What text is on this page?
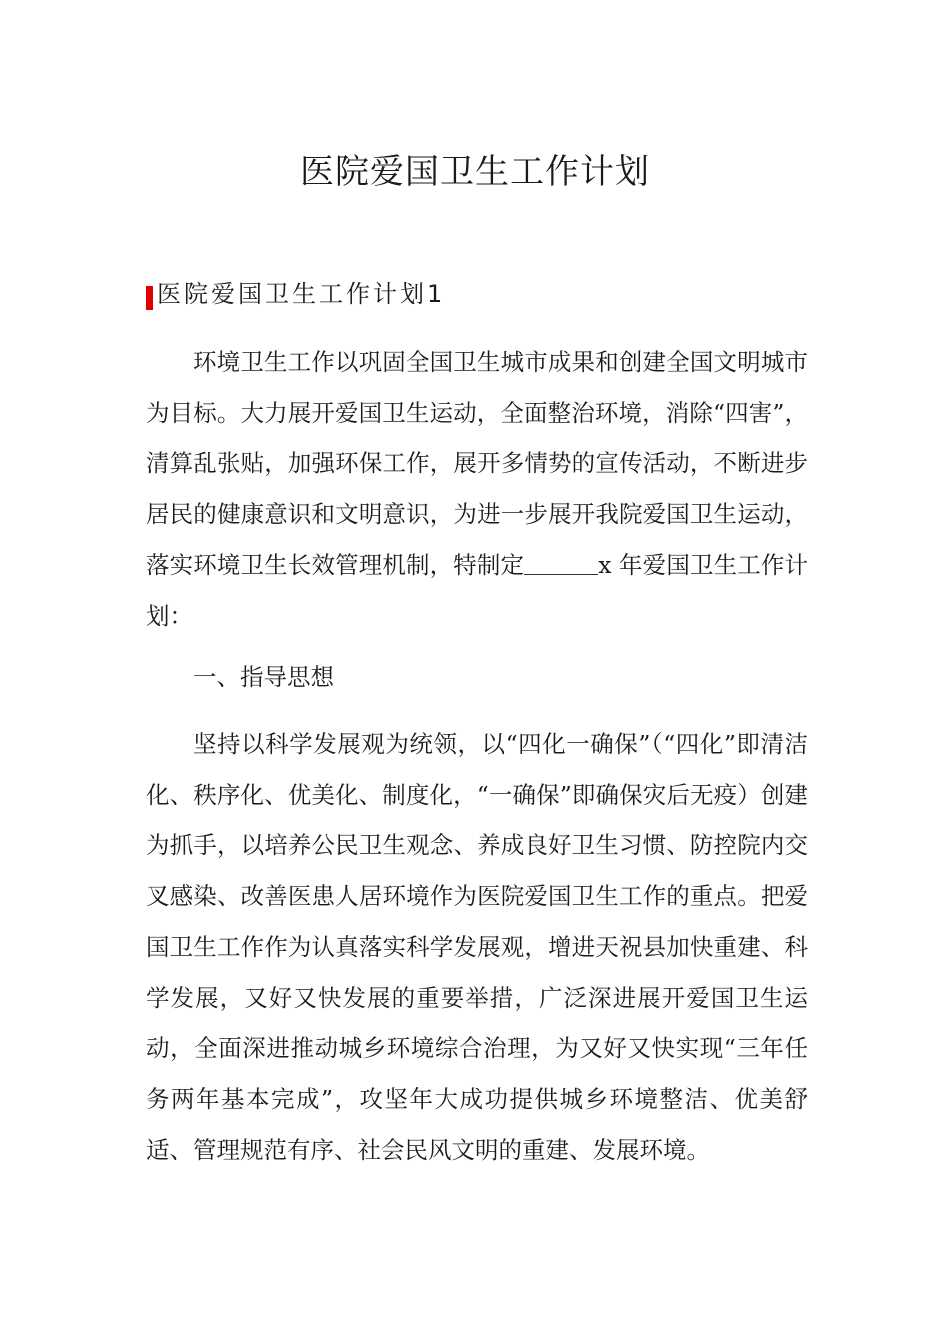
医院爱国卫生工作计划
医院爱国卫生工作计划1
环境卫生工作以巩固全国卫生城市成果和创建全国文明城市为目标。大力展开爱国卫生运动，全面整治环境，消除“四害”，清算乱张贴，加强环保工作，展开多情势的宣传活动，不断进步居民的健康意识和文明意识，为进一步展开我院爱国卫生运动，落实环境卫生长效管理机制，特制定	x 年爱国卫生工作计划：
一、指导思想
坚持以科学发展观为统领，以“四化一确保”（“四化”即清洁化、秩序化、优美化、制度化，“一确保”即确保灾后无疫）创建为抓手，以培养公民卫生观念、养成良好卫生习惯、防控院内交叉感染、改善医患人居环境作为医院爱国卫生工作的重点。把爱国卫生工作作为认真落实科学发展观，增进天祝县加快重建、科学发展，又好又快发展的重要举措，广泛深进展开爱国卫生运动，全面深进推动城乡环境综合治理，为又好又快实现“三年任务两年基本完成”，攻坚年大成功提供城乡环境整洁、优美舒适、管理规范有序、社会民风文明的重建、发展环境。
